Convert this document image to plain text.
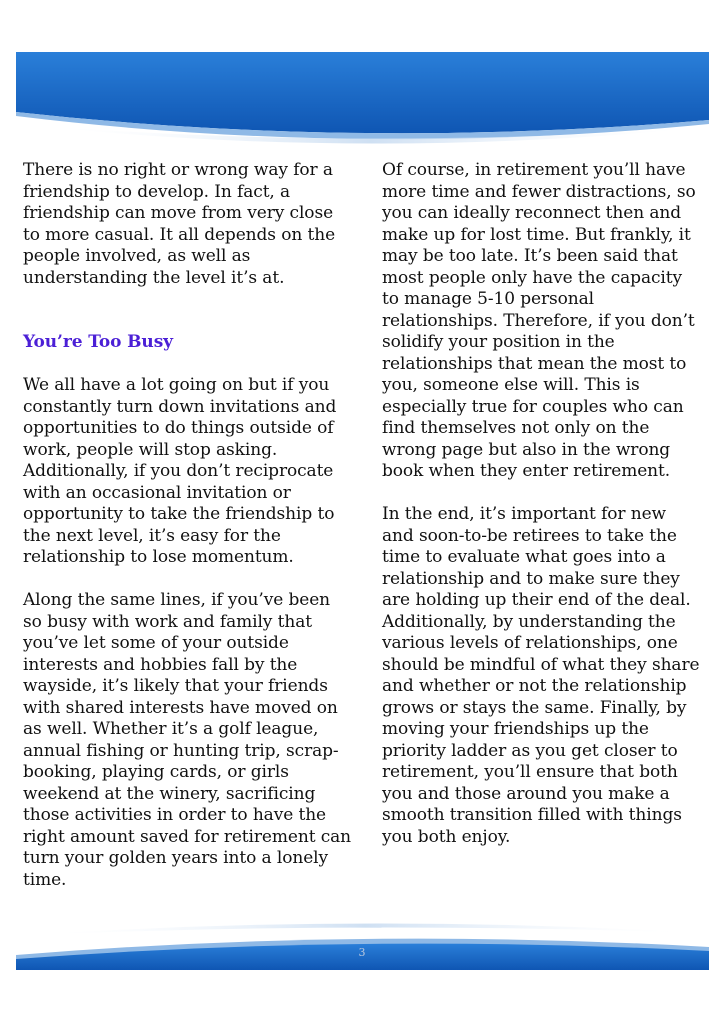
There is no right or wrong way for a friendship to develop. In fact, a friendship can move from very close to more casual. It all depends on the people involved, as well as understanding the level it’s at.

You’re Too Busy

We all have a lot going on but if you constantly turn down invitations and opportunities to do things outside of work, people will stop asking. Additionally, if you don’t reciprocate with an occasional invitation or opportunity to take the friendship to the next level, it’s easy for the relationship to lose momentum.

Along the same lines, if you’ve been so busy with work and family that you’ve let some of your outside interests and hobbies fall by the wayside, it’s likely that your friends with shared interests have moved on as well. Whether it’s a golf league, annual fishing or hunting trip, scrap-booking, playing cards, or girls weekend at the winery, sacrificing those activities in order to have the right amount saved for retirement can turn your golden years into a lonely time.

Of course, in retirement you’ll have more time and fewer distractions, so you can ideally reconnect then and make up for lost time. But frankly, it may be too late. It’s been said that most people only have the capacity to manage 5-10 personal relationships. Therefore, if you don’t solidify your position in the relationships that mean the most to you, someone else will. This is especially true for couples who can find themselves not only on the wrong page but also in the wrong book when they enter retirement.

In the end, it’s important for new and soon-to-be retirees to take the time to evaluate what goes into a relationship and to make sure they are holding up their end of the deal. Additionally, by understanding the various levels of relationships, one should be mindful of what they share and whether or not the relationship grows or stays the same. Finally, by moving your friendships up the priority ladder as you get closer to retirement, you’ll ensure that both you and those around you make a smooth transition filled with things you both enjoy.

3
